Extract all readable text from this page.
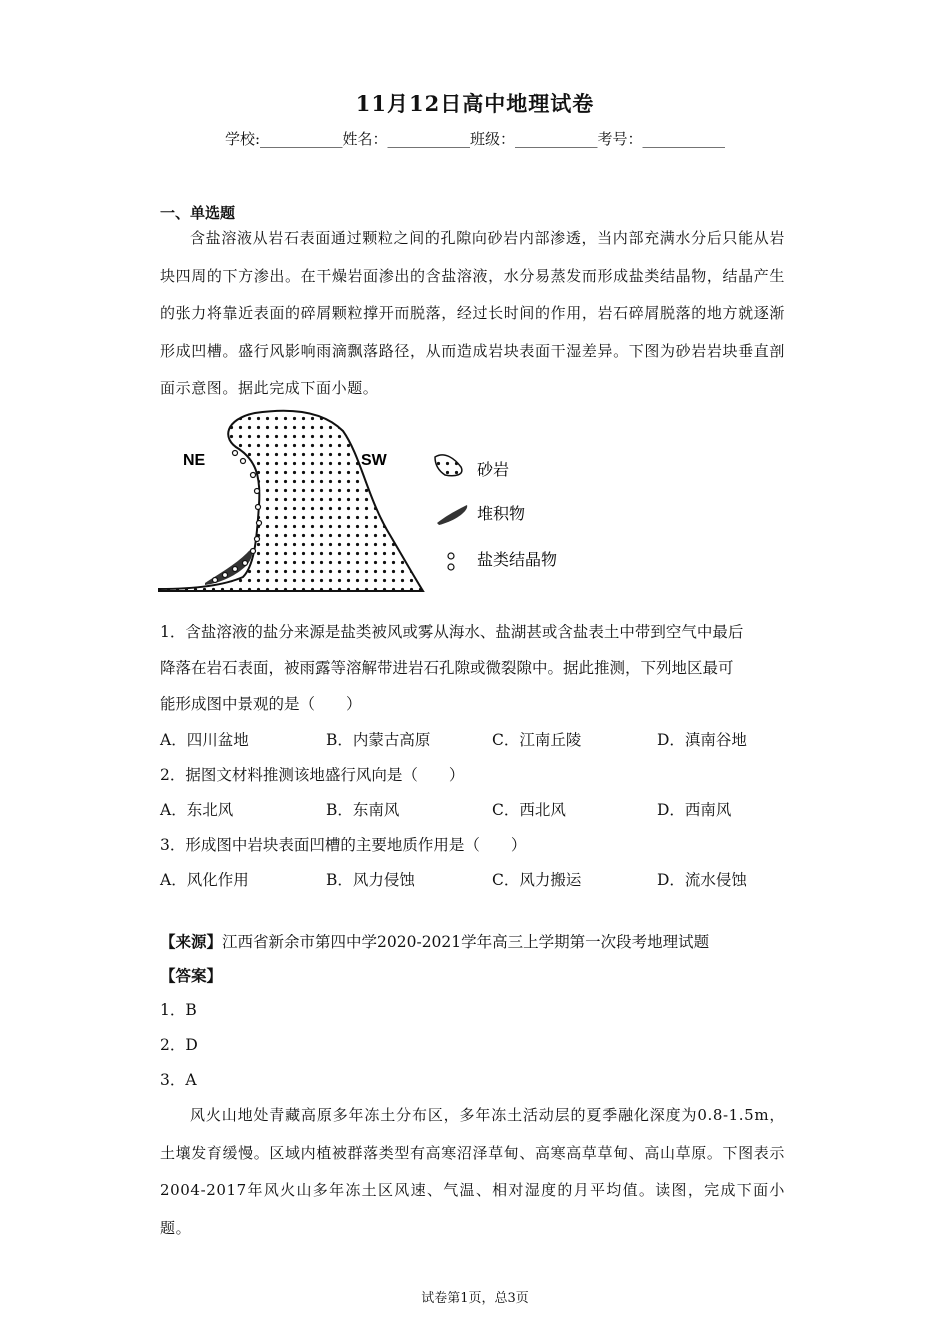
11月12日高中地理试卷
学校:___________姓名：___________班级：___________考号：___________
一、单选题
含盐溶液从岩石表面通过颗粒之间的孔隙向砂岩内部渗透，当内部充满水分后只能从岩块四周的下方渗出。在干燥岩面渗出的含盐溶液，水分易蒸发而形成盐类结晶物，结晶产生的张力将靠近表面的碎屑颗粒撑开而脱落，经过长时间的作用，岩石碎屑脱落的地方就逐渐形成凹槽。盛行风影响雨滴飘落路径，从而造成岩块表面干湿差异。下图为砂岩岩块垂直剖面示意图。据此完成下面小题。
NE	SW	砂岩
堆积物
盐类结晶物
1．含盐溶液的盐分来源是盐类被风或雾从海水、盐湖甚或含盐表土中带到空气中最后
降落在岩石表面，被雨露等溶解带进岩石孔隙或微裂隙中。据此推测，下列地区最可
能形成图中景观的是（　　）
A．四川盆地	B．内蒙古高原	C．江南丘陵	D．滇南谷地
2．据图文材料推测该地盛行风向是（　　）
A．东北风	B．东南风	C．西北风	D．西南风
3．形成图中岩块表面凹槽的主要地质作用是（　　）
A．风化作用	B．风力侵蚀	C．风力搬运	D．流水侵蚀
【来源】江西省新余市第四中学2020-2021学年高三上学期第一次段考地理试题
【答案】
1．B
2．D
3．A
风火山地处青藏高原多年冻土分布区，多年冻土活动层的夏季融化深度为0.8-1.5m，土壤发育缓慢。区域内植被群落类型有高寒沼泽草甸、高寒高草草甸、高山草原。下图表示2004-2017年风火山多年冻土区风速、气温、相对湿度的月平均值。读图，完成下面小题。
试卷第1页，总3页
